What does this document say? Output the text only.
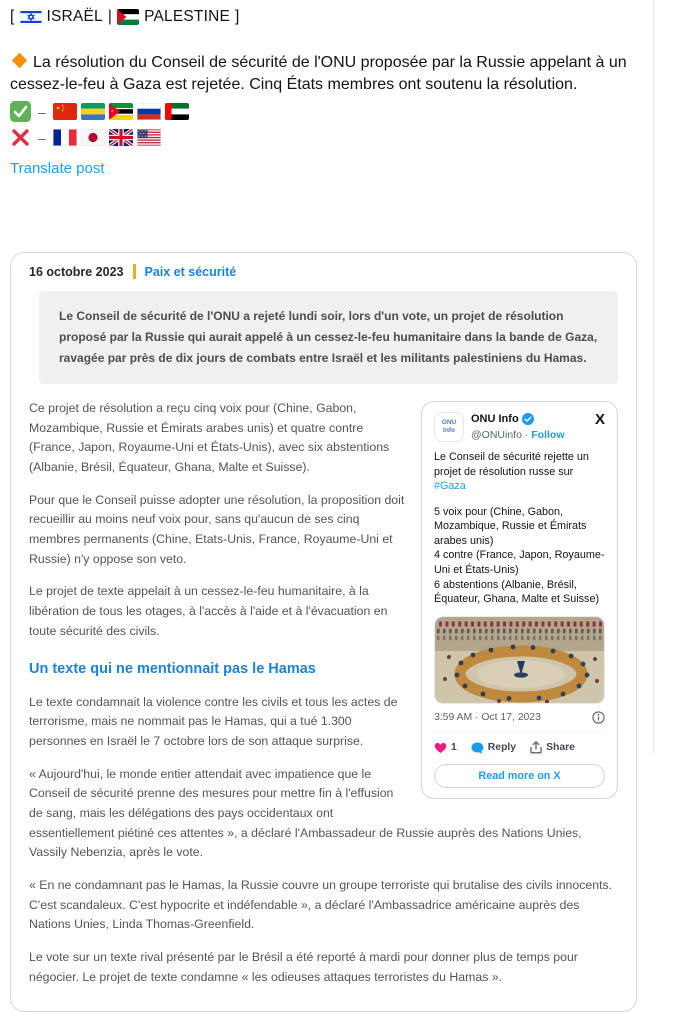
[ ISRAËL | PALESTINE ]
La résolution du Conseil de sécurité de l'ONU proposée par la Russie appelant à un cessez-le-feu à Gaza est rejetée. Cinq États membres ont soutenu la résolution.
–
–
Translate post
16 octobre 2023 Paix et sécurité
Le Conseil de sécurité de l'ONU a rejeté lundi soir, lors d'un vote, un projet de résolution proposé par la Russie qui aurait appelé à un cessez-le-feu humanitaire dans la bande de Gaza, ravagée par près de dix jours de combats entre Israël et les militants palestiniens du Hamas.
ONU
Info
ONU Info
@ONUinfo · Follow
X
Le Conseil de sécurité rejette un projet de résolution russe sur #Gaza
5 voix pour (Chine, Gabon, Mozambique, Russie et Émirats arabes unis)
4 contre (France, Japon, Royaume-Uni et États-Unis)
6 abstentions (Albanie, Brésil, Équateur, Ghana, Malte et Suisse)
3:59 AM · Oct 17, 2023
1	Reply	Share
Read more on X

Ce projet de résolution a reçu cinq voix pour (Chine, Gabon, Mozambique, Russie et Émirats arabes unis) et quatre contre (France, Japon, Royaume-Uni et États-Unis), avec six abstentions (Albanie, Brésil, Équateur, Ghana, Malte et Suisse).

Pour que le Conseil puisse adopter une résolution, la proposition doit recueillir au moins neuf voix pour, sans qu'aucun de ses cinq membres permanents (Chine, Etats-Unis, France, Royaume-Uni et Russie) n'y oppose son veto.

Le projet de texte appelait à un cessez-le-feu humanitaire, à la libération de tous les otages, à l'accès à l'aide et à l'évacuation en toute sécurité des civils.

Un texte qui ne mentionnait pas le Hamas

Le texte condamnait la violence contre les civils et tous les actes de terrorisme, mais ne nommait pas le Hamas, qui a tué 1.300 personnes en Israël le 7 octobre lors de son attaque surprise.

« Aujourd'hui, le monde entier attendait avec impatience que le Conseil de sécurité prenne des mesures pour mettre fin à l'effusion de sang, mais les délégations des pays occidentaux ont essentiellement piétiné ces attentes », a déclaré l'Ambassadeur de Russie auprès des Nations Unies, Vassily Nebenzia, après le vote.

« En ne condamnant pas le Hamas, la Russie couvre un groupe terroriste qui brutalise des civils innocents. C'est scandaleux. C'est hypocrite et indéfendable », a déclaré l'Ambassadrice américaine auprès des Nations Unies, Linda Thomas-Greenfield.

Le vote sur un texte rival présenté par le Brésil a été reporté à mardi pour donner plus de temps pour négocier. Le projet de texte condamne « les odieuses attaques terroristes du Hamas ».
